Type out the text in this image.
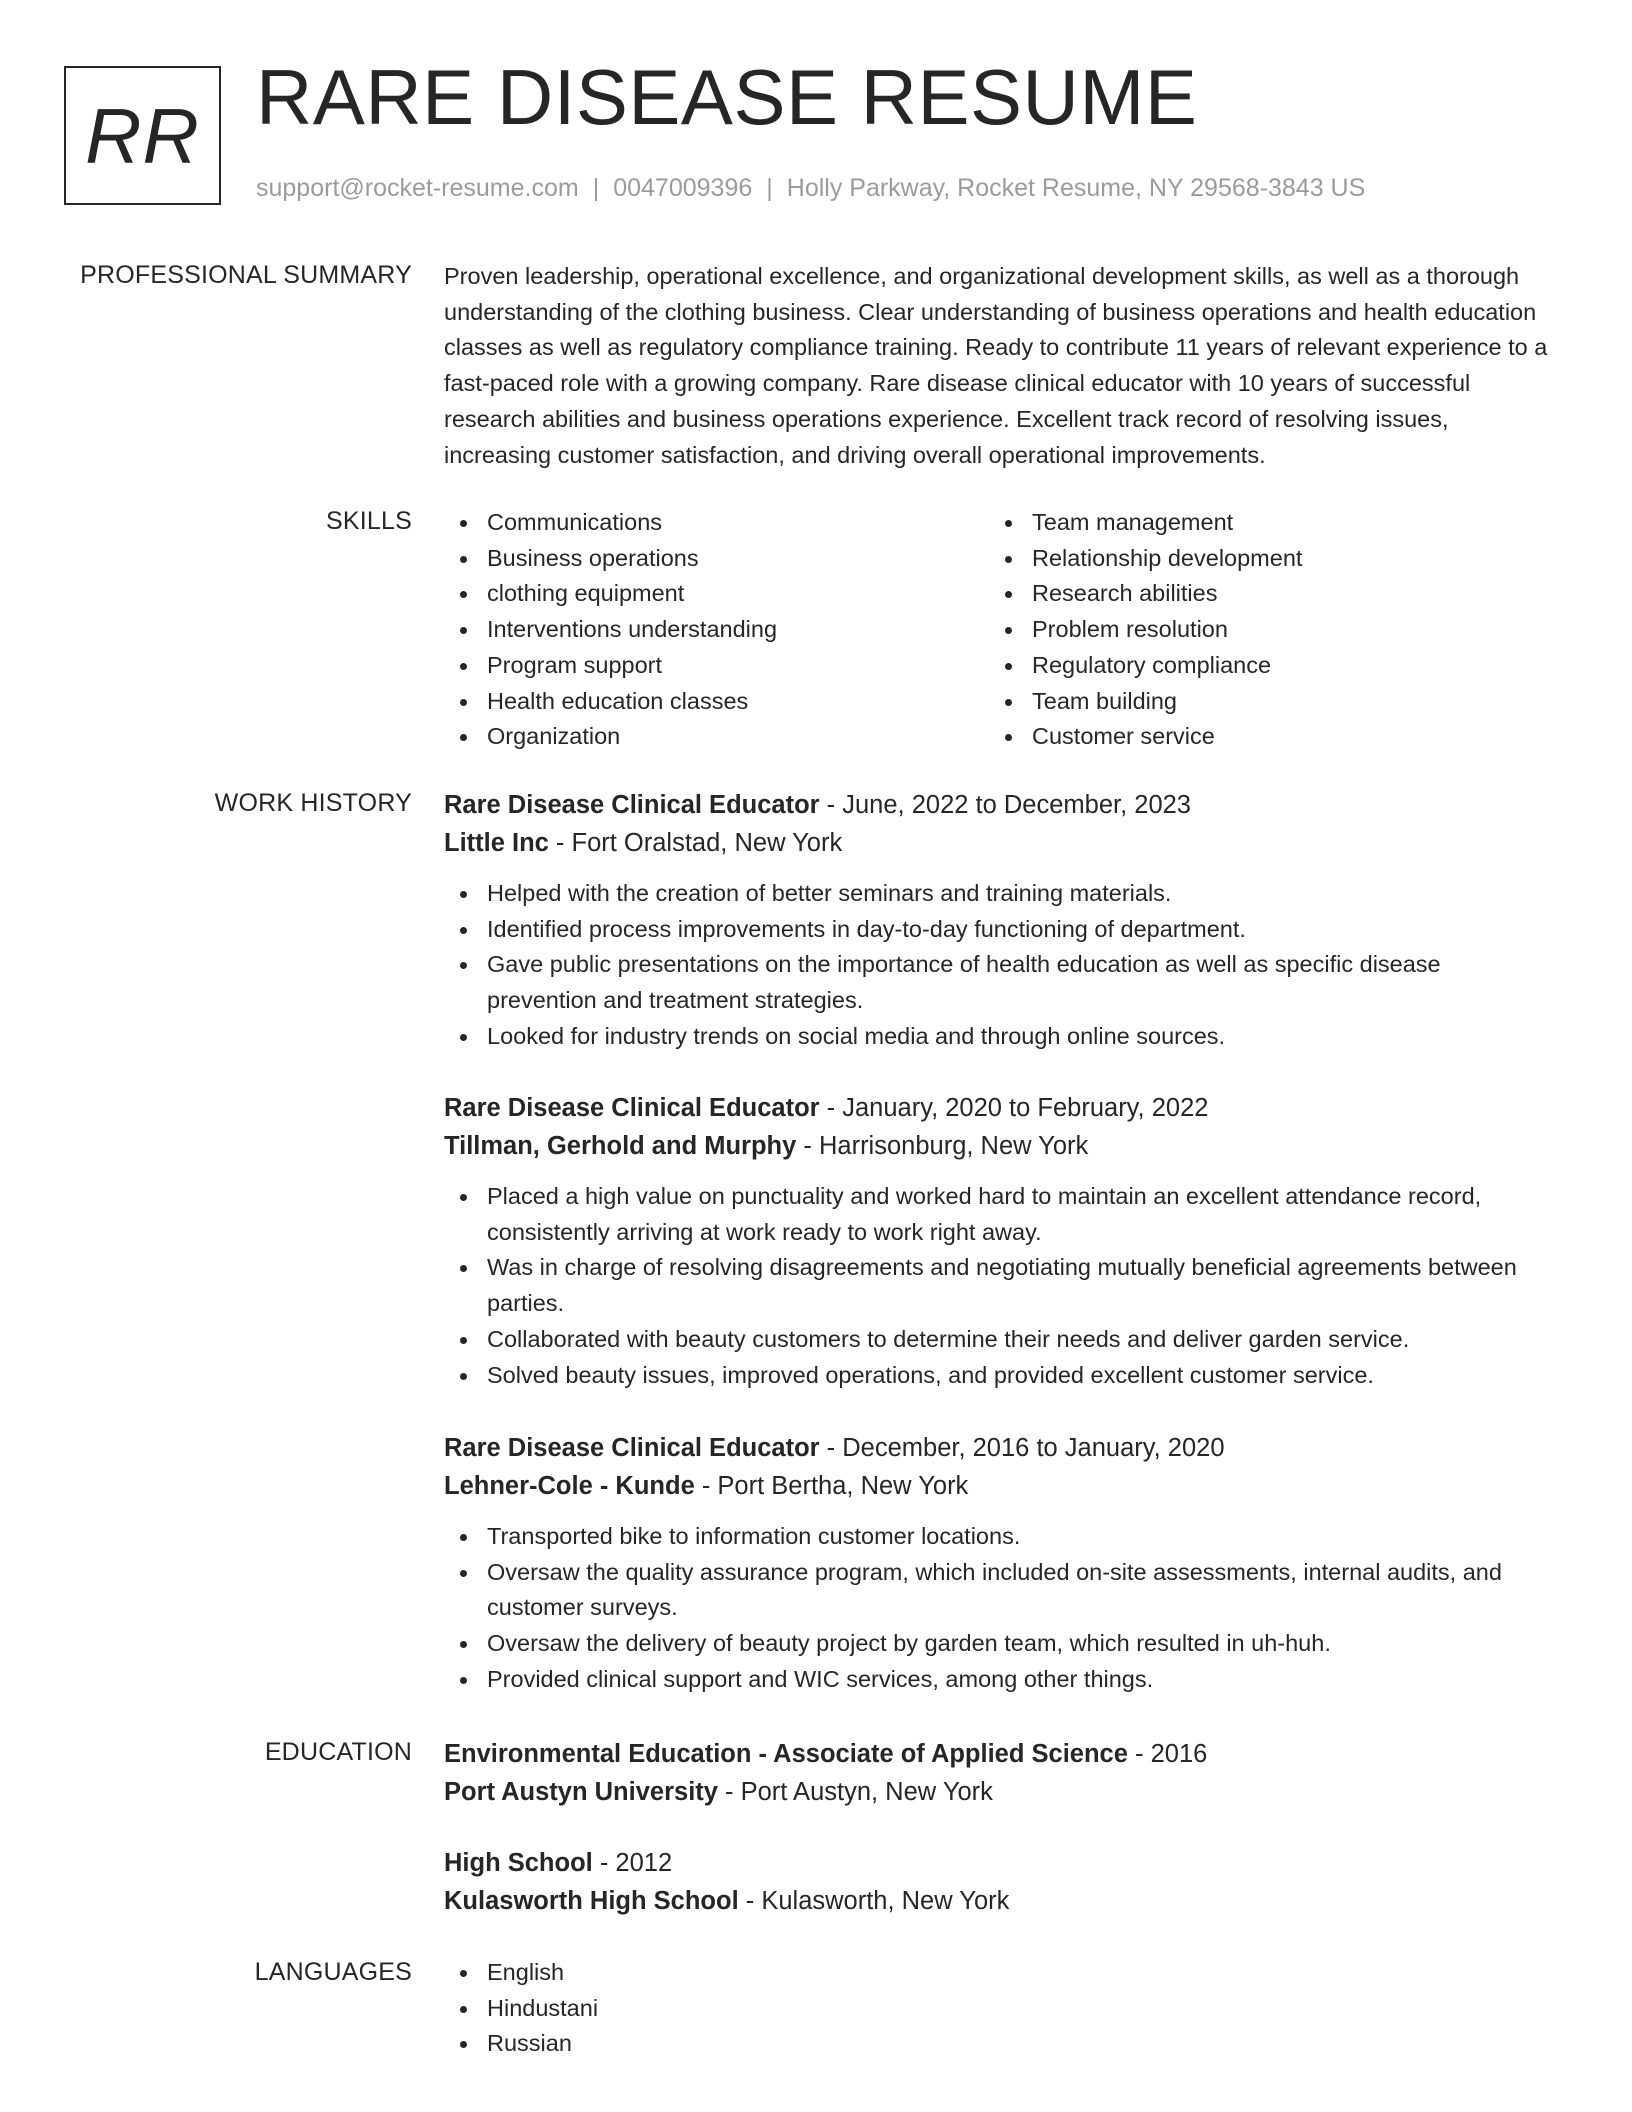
RR RARE DISEASE RESUME
support@rocket-resume.com | 0047009396 | Holly Parkway, Rocket Resume, NY 29568-3843 US
PROFESSIONAL SUMMARY Proven leadership, operational excellence, and organizational development skills, as well as a thorough understanding of the clothing business. Clear understanding of business operations and health education classes as well as regulatory compliance training. Ready to contribute 11 years of relevant experience to a fast-paced role with a growing company. Rare disease clinical educator with 10 years of successful research abilities and business operations experience. Excellent track record of resolving issues, increasing customer satisfaction, and driving overall operational improvements.

SKILLS	Communications
Business operations
clothing equipment
Interventions understanding
Program support
Health education classes
Organization
Team management
Relationship development
Research abilities
Problem resolution
Regulatory compliance
Team building
Customer service
WORK HISTORY Rare Disease Clinical Educator - June, 2022 to December, 2023
Little Inc - Fort Oralstad, New York
Helped with the creation of better seminars and training materials.
Identified process improvements in day-to-day functioning of department.
Gave public presentations on the importance of health education as well as specific disease prevention and treatment strategies.
Looked for industry trends on social media and through online sources.
Rare Disease Clinical Educator - January, 2020 to February, 2022
Tillman, Gerhold and Murphy - Harrisonburg, New York
Placed a high value on punctuality and worked hard to maintain an excellent attendance record, consistently arriving at work ready to work right away.
Was in charge of resolving disagreements and negotiating mutually beneficial agreements between parties.
Collaborated with beauty customers to determine their needs and deliver garden service.
Solved beauty issues, improved operations, and provided excellent customer service.
Rare Disease Clinical Educator - December, 2016 to January, 2020
Lehner-Cole - Kunde - Port Bertha, New York
Transported bike to information customer locations.
Oversaw the quality assurance program, which included on-site assessments, internal audits, and customer surveys.
Oversaw the delivery of beauty project by garden team, which resulted in uh-huh.
Provided clinical support and WIC services, among other things.
EDUCATION Environmental Education - Associate of Applied Science - 2016
Port Austyn University - Port Austyn, New York
High School - 2012
Kulasworth High School - Kulasworth, New York
LANGUAGES	English
Hindustani
Russian
